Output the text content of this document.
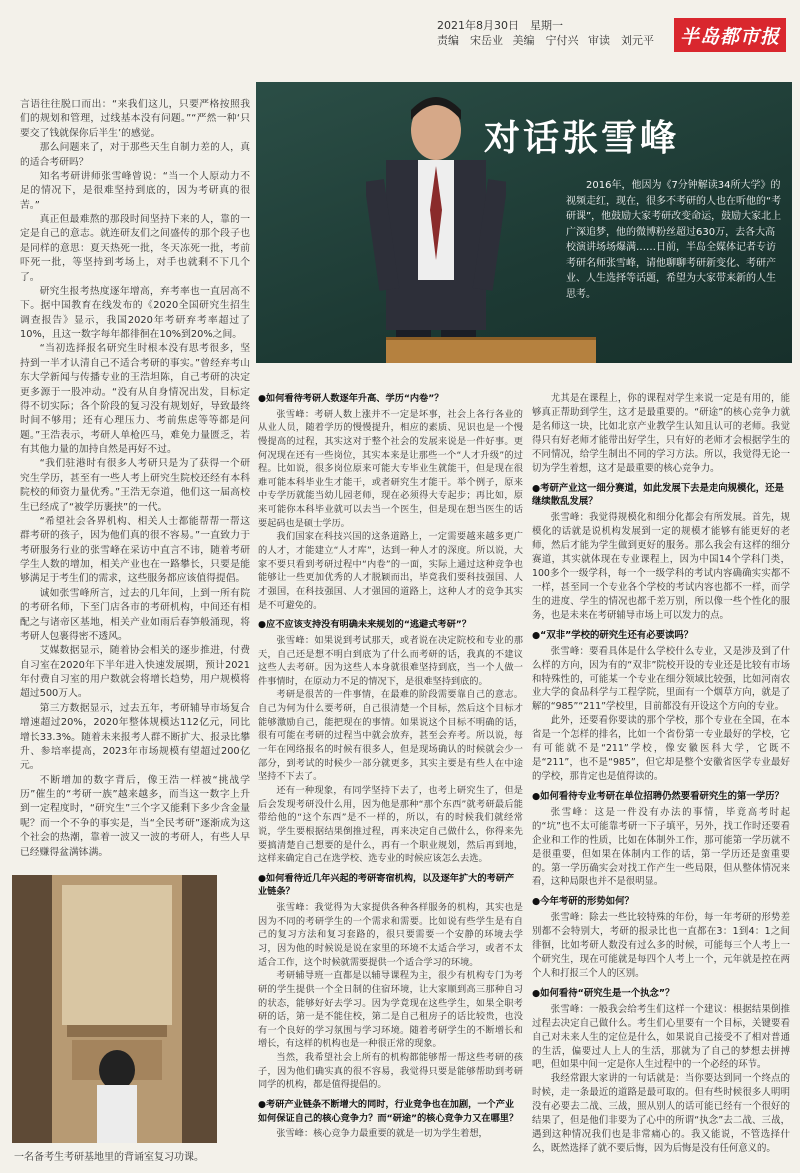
2021年8月30日　星期一
责编　宋岳业 美编　宁付兴 审读　刘元平	半岛都市报

言语往往脱口而出：“来我们这儿，只要严格按照我们的规划和管理，过线基本没有问题。”“严然一种‘只要交了钱就保你后半生’的感觉。

那么问题来了，对于那些天生自制力差的人，真的适合考研吗？

知名考研讲师张雪峰曾说：“当一个人原动力不足的情况下，是很难坚持到底的，因为考研真的很苦。”

真正但最难熬的那段时间坚持下来的人，靠的一定是自己的意志。就连研友们之间盛传的那个段子也是同样的意思：夏天热死一批，冬天冻死一批，考前吓死一批，等坚持到考场上，对手也就剩不下几个了。

研究生报考热度逐年增高，弃考率也一直居高不下。据中国教育在线发布的《2020全国研究生招生调查报告》显示，我国2020年考研弃考率超过了10%，且这一数字每年都徘徊在10%到20%之间。

“当初选择报名研究生时根本没有思考很多，坚持到一半才认清自己不适合考研的事实。”曾经弃考山东大学新闻与传播专业的王浩坦陈，自己考研的决定更多源于一股冲动。“没有从自身情况出发，目标定得不切实际；各个阶段的复习没有规划好，导致最终时间不够用；还有心理压力、考前焦虑等等都是问题。”王浩表示，考研人单枪匹马，难免力量匮乏，若有其他力量的加持自然是再好不过。

“我们驻港时有很多人考研只是为了获得一个研究生学历，甚至有一些人考上研究生院校还经有本科院校的师资力量优秀。”王浩无奈道，他们这一届高校生已经成了“被学历裹挟”的一代。

“希望社会各界机构、相关人士都能帮帮一帮这群考研的孩子，因为他们真的很不容易。”一直致力于考研服务行业的张雪峰在采访中直言不讳，随着考研学生人数的增加，相关产业也在一路攀长，只要是能够满足于考生们的需求，这些服务都应该值得提倡。

诚如张雪峰所言，过去的几年间，上到一所有院的考研名师，下至门店各市的考研机构，中间还有相配之与诸帝区基地，相关产业如雨后春笋般涌现，将考研人包裹得密不透风。

艾媒数据显示，随着协会相关的逐步推进，付费自习室在2020年下半年进入快速发展期，预计2021年付费自习室的用户数就会将增长趋势，用户规模将超过500万人。

第三方数据显示，过去五年，考研辅导市场复合增速超过20%，2020年整体规模达112亿元，同比增长33.3%。随着未来报考人群不断扩大、报录比攀升、参培率提高，2023年市场规模有望超过200亿元。

不断增加的数字背后，像王浩一样被“挑战学历”催生的“考研一族”越来越多，而当这一数字上升到一定程度时，“研究生”三个字又能剩下多少含金量呢？而一个不争的事实是，当“全民考研”逐渐成为这个社会的热潮，靠着一波又一波的考研人，有些人早已经赚得盆满钵满。

对话张雪峰
2016年，他因为《7分钟解读34所大学》的视频走红，现在，很多不考研的人也在听他的“考研课”，他鼓励大家考研改变命运，鼓励大家北上广深追梦，他的微博粉丝超过630万，去各大高校演讲场场爆满……日前，半岛全媒体记者专访考研名师张雪峰，请他聊聊考研新变化、考研产业、人生选择等话题，希望为大家带来新的人生思考。
一名备考生考研基地里的背诵室复习功课。

●如何看待考研人数逐年升高、学历“内卷”？

张雪峰：考研人数上涨并不一定是坏事，社会上各行各业的从业人员，随着学历的慢慢提升，相应的素质、见识也是一个慢慢提高的过程，其实这对于整个社会的发展来说是一件好事。更何况现在还有一些岗位，其实本来是让那些一个“人才升级”的过程。比如说，很多岗位原来可能大专毕业生就能干，但是现在很难可能本科毕业生才能干，或者研究生才能干。举个例子，原来中专学历就能当幼儿园老师，现在必须得大专起步；再比如，原来可能你本科毕业就可以去当一个医生，但是现在想当医生的话要起码也是硕士学历。

我们国家在科技兴国的这条道路上，一定需要越来越多更广的人才，才能建立“人才库”，达到一种人才的深度。所以说，大家不要只看到考研过程中“内卷”的一面，实际上通过这种竞争也能够让一些更加优秀的人才脱颖而出，毕竟我们要科技强国、人才强国，在科技强国、人才强国的道路上，这种人才的竞争其实是不可避免的。

●应不应该支持没有明确未来规划的“逃避式考研”？

张雪峰：如果说到考试那天，或者说在决定院校和专业的那天，自己还是想不明白到底为了什么而考研的话，我真的不建议这些人去考研。因为这些人本身就很难坚持到底，当一个人做一件事情时，在原动力不足的情况下，是很难坚持到底的。

考研是很苦的一件事情，在最难的阶段需要靠自己的意志。自己为何为什么要考研，自己很清楚一个目标，然后这个目标才能够激励自己，能把现在的事情。如果说这个目标不明确的话，很有可能在考研的过程当中就会放弃，甚至会弃考。所以说，每一年在网络报名的时候有很多人，但是现场确认的时候就会少一部分，到考试的时候少一部分就更多，其实主要是有些人在中途坚持不下去了。

还有一种现象，有同学坚持下去了，也考上研究生了，但是后会发现考研没什么用，因为他是那种“那个东西”就考研最后能带给他的“这个东西”是不一样的，所以，有的时候我们就经常说，学生要根据结果倒推过程，再来决定自己做什么，你得来先要搞清楚自己想要的是什么，再有一个职业规划，然后再到地，这样来确定自己在选学校、选专业的时候应该怎么去选。

●如何看待近几年兴起的考研寄宿机构，以及逐年扩大的考研产业链条？

张雪峰：我觉得为大家提供各种各样服务的机构，其实也是因为不同的考研学生的一个需求和需要。比如说有些学生是有自己的复习方法和复习套路的，很只要需要一个安静的环境去学习，因为他的时候说是说在家里的环境不太适合学习，或者不太适合工作，这个时候就需要提供一个适合学习的环境。

考研辅导班一直都是以辅导课程为主，很少有机构专门为考研的学生提供一个全日制的住宿环境，让大家顺到高三那种自习的状态，能够好好去学习。因为学竟现在这些学生，如果全职考研的话，第一是不能住校，第二是自己租房子的话比较贵，也没有一个良好的学习氛围与学习环境。随着考研学生的不断增长和增长，有这样的机构也是一种很正常的现象。

当然，我希望社会上所有的机构都能够帮一帮这些考研的孩子，因为他们确实真的很不容易，我觉得只要是能够帮助到考研同学的机构，都是值得提倡的。

●考研产业链条不断增大的同时，行业竞争也在加剧，一个产业如何保证自己的核心竞争力？而“研途”的核心竞争力又在哪里？

张雪峰：核心竞争力最重要的就是一切为学生着想，

尤其是在课程上，你的课程对学生来说一定是有用的，能够真正帮助到学生，这才是最重要的。“研途”的核心竞争力就是名师这一块，比如北京产业教学生认知且认可的老师。我觉得只有好老师才能带出好学生，只有好的老师才会根据学生的不同情况，给学生制出不同的学习方法。所以，我觉得无论一切为学生着想，这才是最重要的核心竞争力。

●考研产业这一细分赛道，如此发展下去是走向规模化，还是继续散乱发展？

张雪峰：我觉得规模化和细分化都会有所发展。首先，规模化的话就是说机构发展到一定的规模才能够有能更好的老师，然后才能为学生做到更好的服务。那么我会有这样的细分赛道，其实就体现在专业课程上，因为中国14个学科门类，100多个一级学科，每一个一级学科的考试内容确确实实都不一样，甚至同一个专业各个学校的考试内容也都不一样，而学生的进度、学生的情况也都千差万别，所以像一些个性化的服务，也是未来在考研辅导市场上可以发力的点。

●“双非”学校的研究生还有必要读吗？

张雪峰：要看具体是什么学校什么专业，又是涉及到了什么样的方向，因为有的“双非”院校开设的专业还是比较有市场和特殊性的，可能某一个专业在细分领域比较强，比如河南农业大学的食品科学与工程学院，里面有一个烟草方向，就是了解的“985”“211”学校里，目前都没有开设这个方向的专业。

此外，还要看你要读的那个学校，那个专业在全国，在本省是一个怎样的排名，比如一个省份第一专业最好的学校，它有可能就不是“211”学校，像安徽医科大学，它既不是“211”，也不是“985”，但它却是整个安徽省医学专业最好的学校，那肯定也是值得读的。

●如何看待专业考研在单位招聘仍然要看研究生的第一学历？

张雪峰：这是一件没有办法的事情，毕竟高考时起的“坑”也不太可能靠考研一下子填平，另外，找工作时还要看企业和工作的性质，比如在体制外工作，那可能第一学历就不是很重要，但如果在体制内工作的话，第一学历还是蛮重要的。第一学历确实会对找工作产生一些局限，但从整体情况来看，这种局限也并不是很明显。

●今年考研的形势如何？

张雪峰：除去一些比较特殊的年份，每一年考研的形势差别都不会特别大，考研的报录比也一直都在3：1到4：1之间徘徊，比如考研人数没有过么多的时候，可能每三个人考上一个研究生，现在可能就是每四个人考上一个，元年就是控在两个人和打报三个人的区别。

●如何看待“研究生是一个执念”？

张雪峰：一般我会给考生们这样一个建议：根据结果倒推过程去决定自己做什么。考生们心里要有一个目标，关键要看自己对未来人生的定位是什么，如果说自己接受不了相对普通的生活，偏要过人上人的生活，那就为了自己的梦想去拼搏吧，但如果中间一定是你人生过程中的一个必经的环节。

我经常跟大家讲的一句话就是：当你要达到同一个终点的时候，走一条最近的道路是最可取的。但有些时候很多人明明没有必要去二战、三战，照从别人的话可能已经有一个很好的结果了，但是他们非要为了心中的所谓“执念”去二战、三战，遇到这种情况我们也是非常痛心的。我又能说，不管选择什么，既然选择了就不要后悔，因为后悔是没有任何意义的。
